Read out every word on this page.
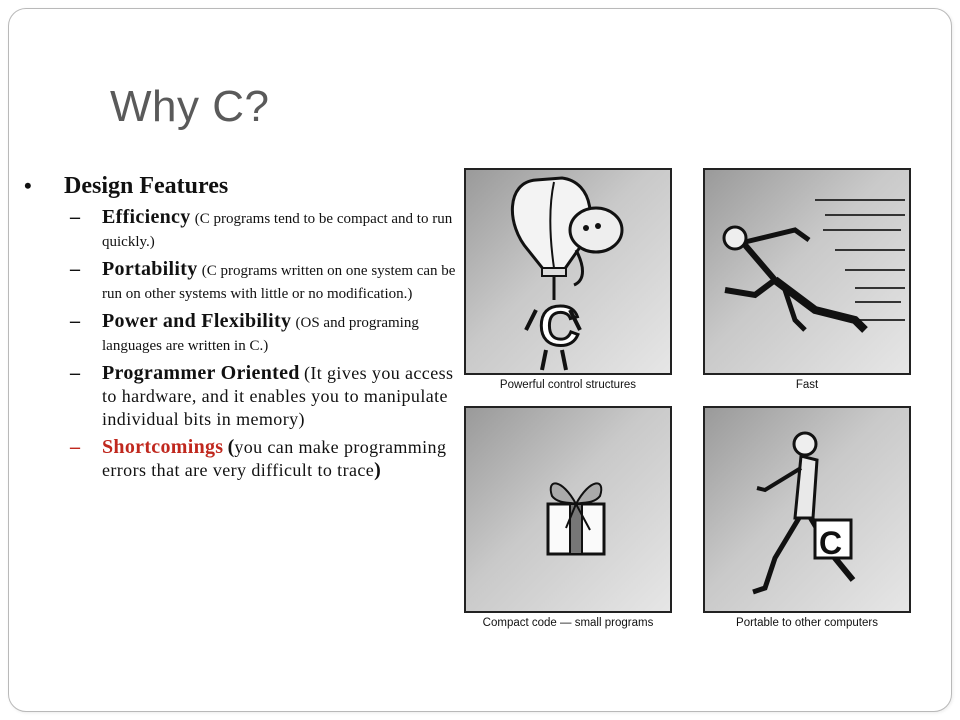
Why C?
•	Design Features
–	Efficiency (C programs tend to be compact and to run quickly.)
–	Portability (C programs written on one system can be run on other systems with little or no modification.)
–	Power and Flexibility (OS and programing languages are written in C.)
–	Programmer Oriented (It gives you access to hardware, and it enables you to manipulate individual bits in memory)
–	Shortcomings (you can make programming errors that are very difficult to trace)
C
Powerful control structures	Fast
Compact code — small programs
C
Portable to other computers
